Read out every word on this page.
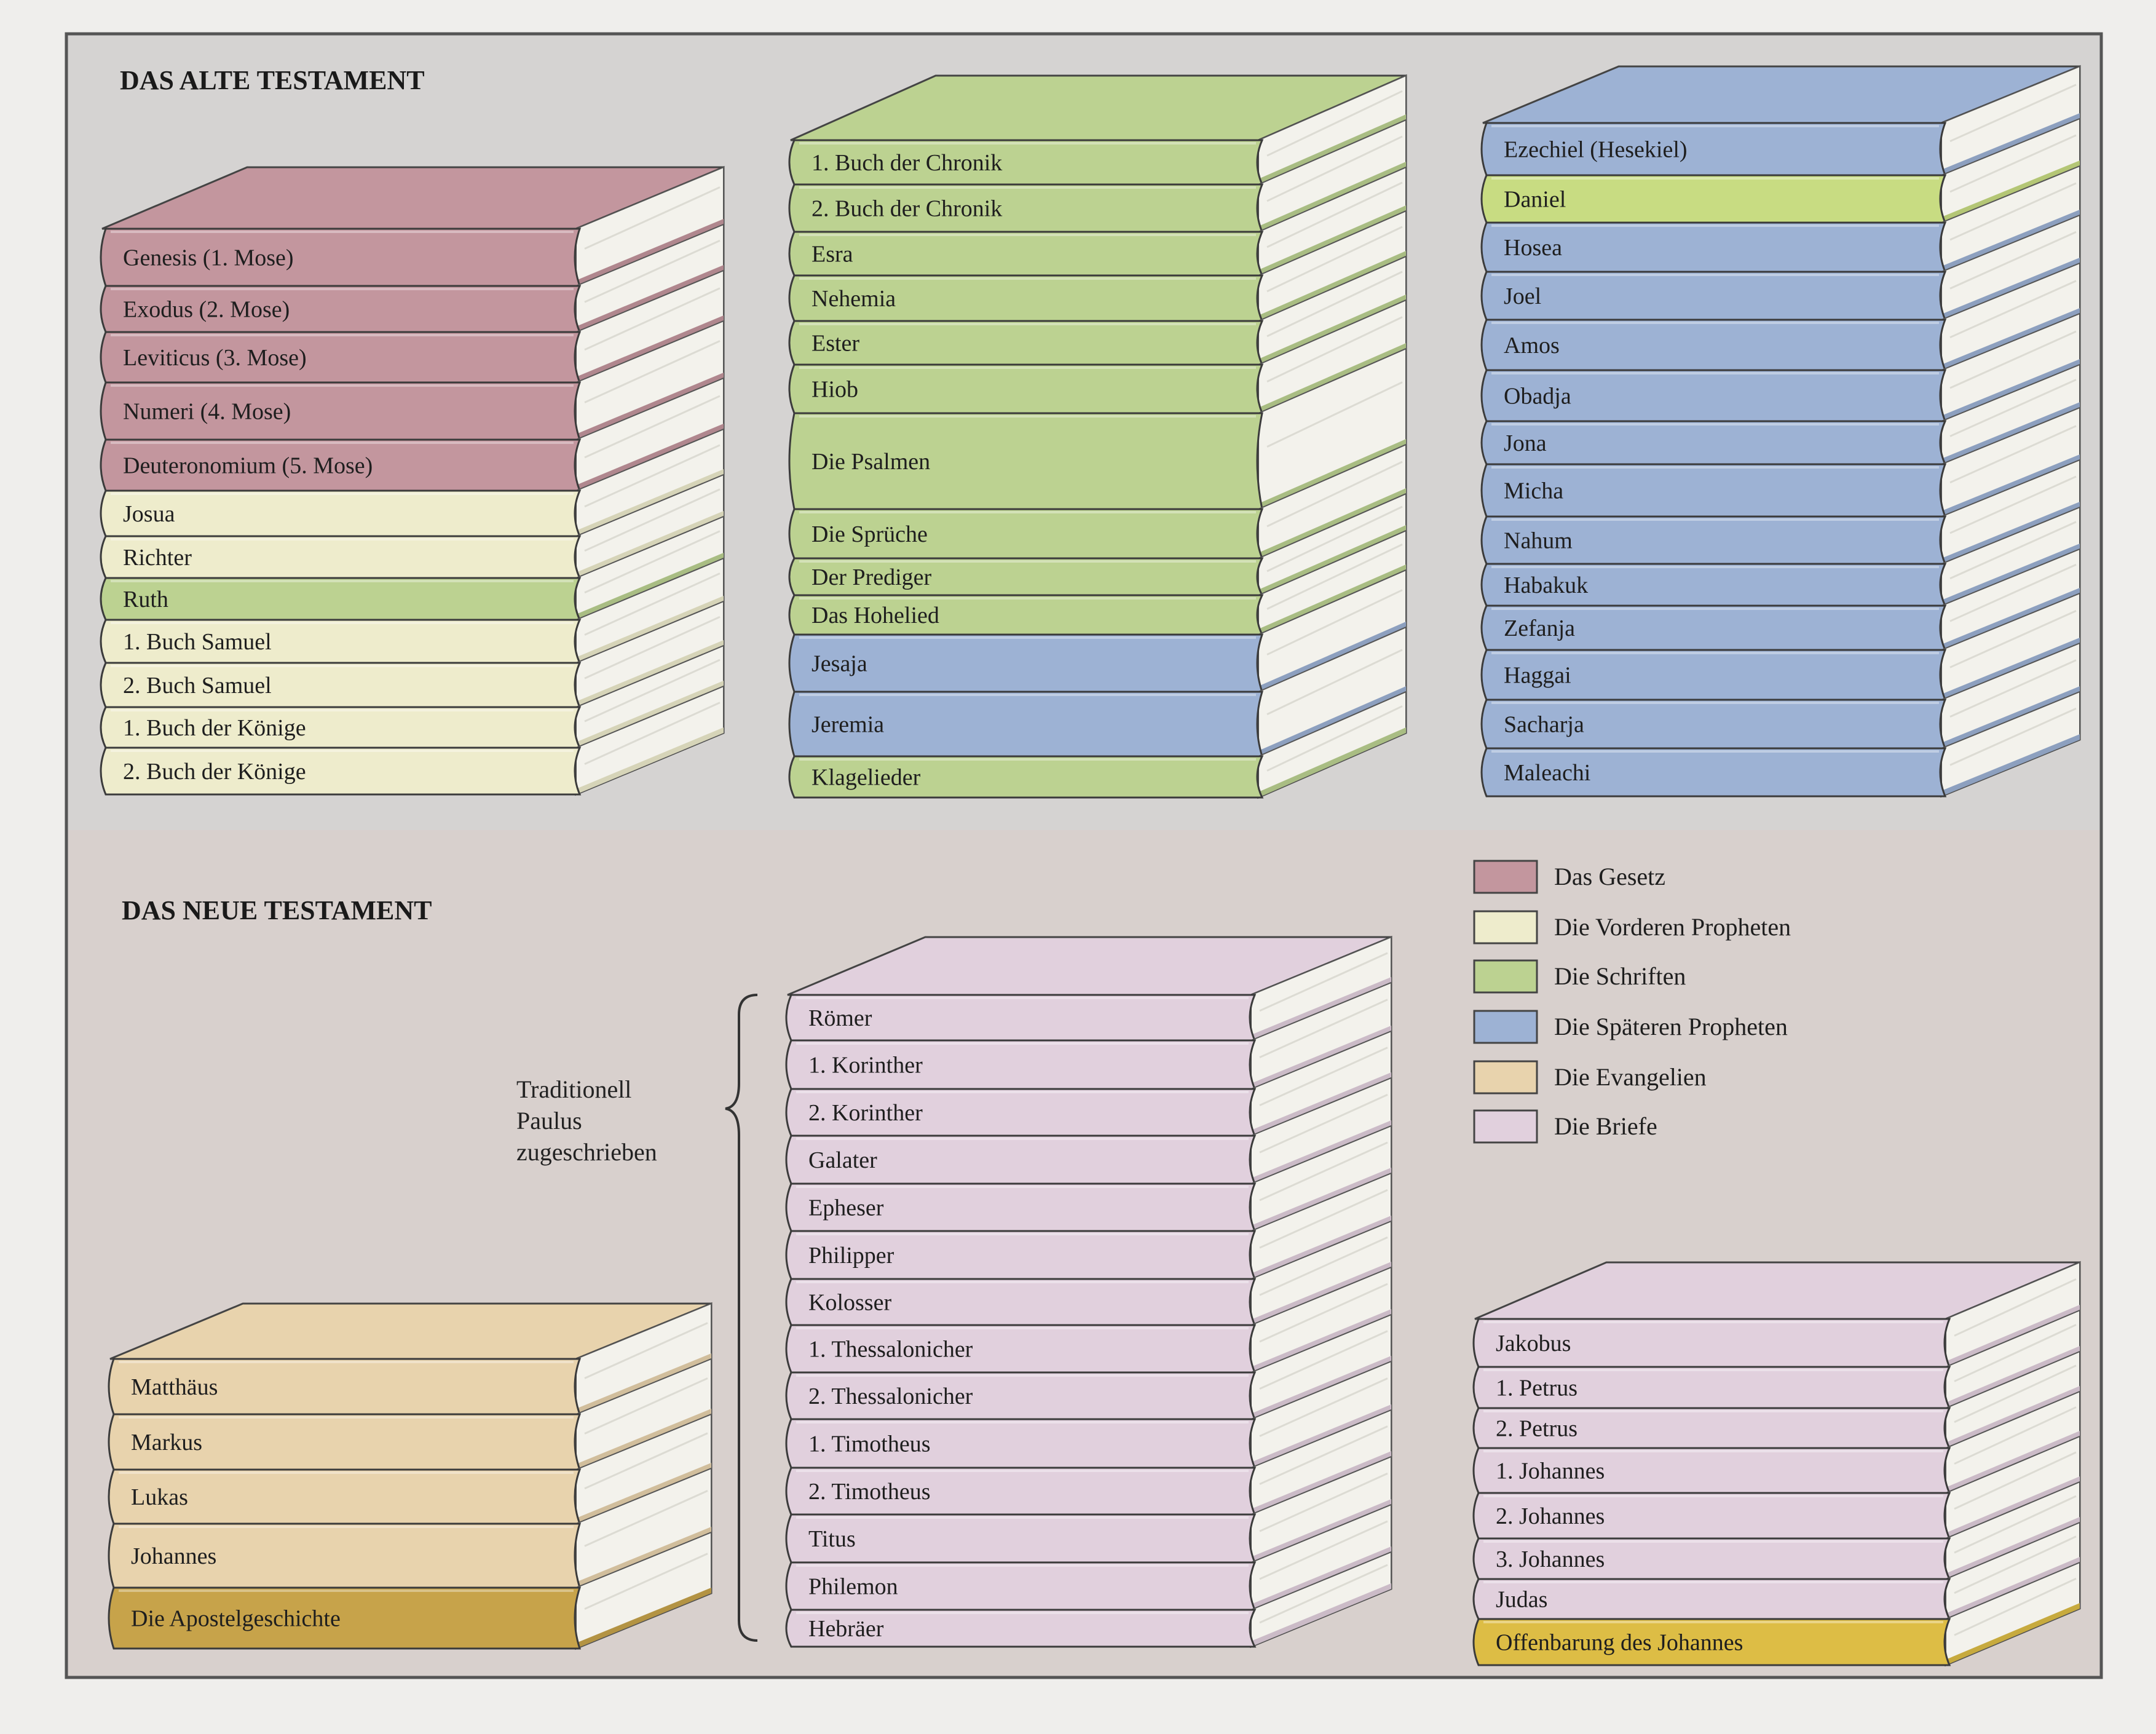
DAS ALTE TESTAMENT
DAS NEUE TESTAMENT
Genesis (1. Mose)
Exodus (2. Mose)
Leviticus (3. Mose)
Numeri (4. Mose)
Deuteronomium (5. Mose)
Josua
Richter
Ruth
1. Buch Samuel
2. Buch Samuel
1. Buch der Könige
2. Buch der Könige
1. Buch der Chronik
2. Buch der Chronik
Esra
Nehemia
Ester
Hiob
Die Psalmen
Die Sprüche
Der Prediger
Das Hohelied
Jesaja
Jeremia
Klagelieder
Ezechiel (Hesekiel)
Daniel
Hosea
Joel
Amos
Obadja
Jona
Micha
Nahum
Habakuk
Zefanja
Haggai
Sacharja
Maleachi
Matthäus
Markus
Lukas
Johannes
Die Apostelgeschichte
Römer
1. Korinther
2. Korinther
Galater
Epheser
Philipper
Kolosser
1. Thessalonicher
2. Thessalonicher
1. Timotheus
2. Timotheus
Titus
Philemon
Hebräer
Jakobus
1. Petrus
2. Petrus
1. Johannes
2. Johannes
3. Johannes
Judas
Offenbarung des Johannes
Traditionell
Paulus
zugeschrieben
Das Gesetz
Die Vorderen Propheten
Die Schriften
Die Späteren Propheten
Die Evangelien
Die Briefe
